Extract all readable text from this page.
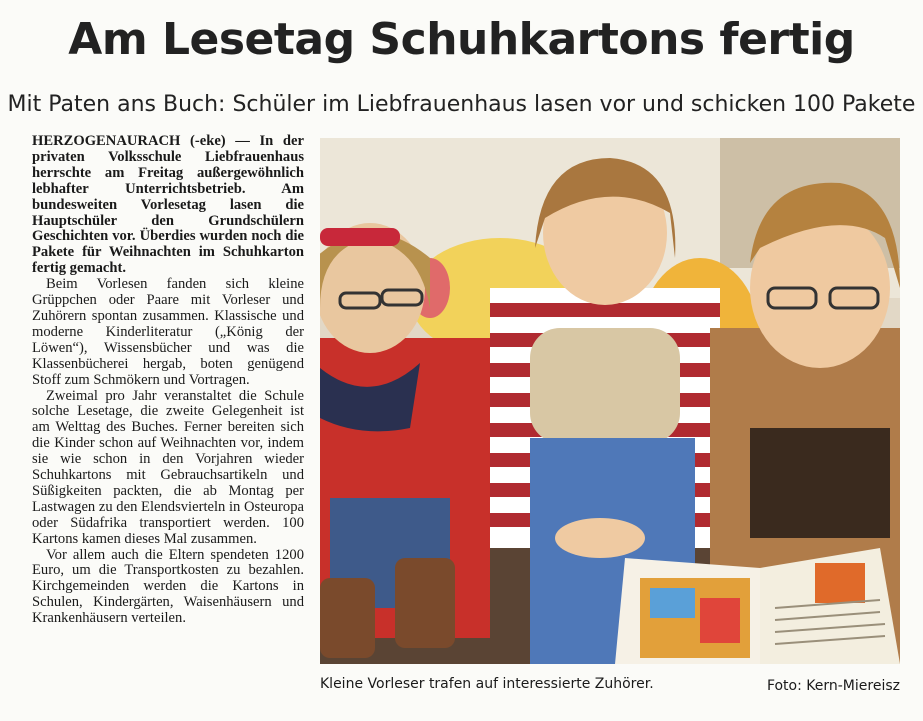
Am Lesetag Schuhkartons fertig
Mit Paten ans Buch: Schüler im Liebfrauenhaus lasen vor und schicken 100 Pakete

HERZOGENAURACH (-eke) — In der privaten Volksschule Liebfrauenhaus herrschte am Freitag außergewöhnlich lebhafter Unterrichtsbetrieb. Am bundesweiten Vorlesetag lasen die Hauptschüler den Grundschülern Geschichten vor. Überdies wurden noch die Pakete für Weihnachten im Schuhkarton fertig gemacht.

Beim Vorlesen fanden sich kleine Grüppchen oder Paare mit Vorleser und Zuhörern spontan zusammen. Klassische und moderne Kinderliteratur („König der Löwen“), Wissensbücher und was die Klassenbücherei hergab, boten genügend Stoff zum Schmökern und Vortragen.

Zweimal pro Jahr veranstaltet die Schule solche Lesetage, die zweite Gelegenheit ist am Welttag des Buches. Ferner bereiten sich die Kinder schon auf Weihnachten vor, indem sie wie schon in den Vorjahren wieder Schuhkartons mit Gebrauchsartikeln und Süßigkeiten packten, die ab Montag per Lastwagen zu den Elendsvierteln in Osteuropa oder Südafrika transportiert werden. 100 Kartons kamen dieses Mal zusammen.

Vor allem auch die Eltern spendeten 1200 Euro, um die Transportkosten zu bezahlen. Kirchgemeinden werden die Kartons in Schulen, Kindergärten, Waisenhäusern und Krankenhäusern verteilen.

Kleine Vorleser trafen auf interessierte Zuhörer.	Foto: Kern-Miereisz
